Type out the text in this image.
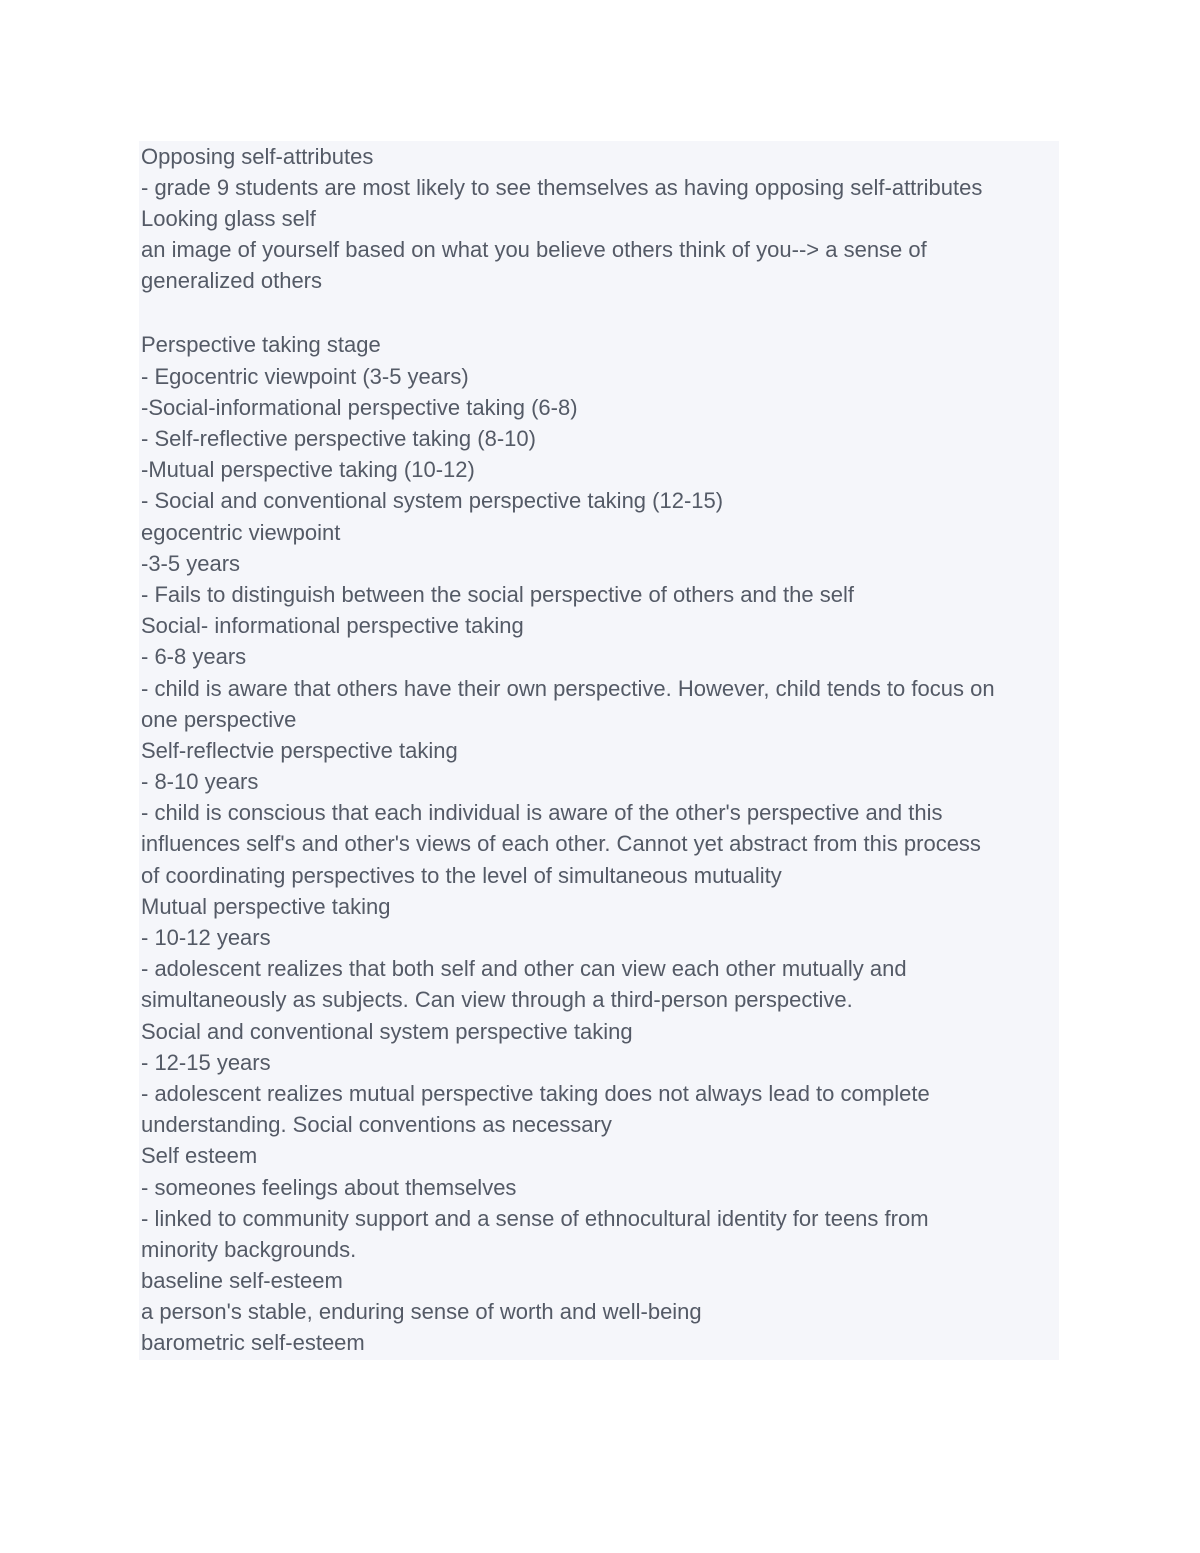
Opposing self-attributes
- grade 9 students are most likely to see themselves as having opposing self-attributes
Looking glass self
an image of yourself based on what you believe others think of you--> a sense of
generalized others
Perspective taking stage
- Egocentric viewpoint (3-5 years)
-Social-informational perspective taking (6-8)
- Self-reflective perspective taking (8-10)
-Mutual perspective taking (10-12)
- Social and conventional system perspective taking (12-15)
egocentric viewpoint
-3-5 years
- Fails to distinguish between the social perspective of others and the self
Social- informational perspective taking
- 6-8 years
- child is aware that others have their own perspective. However, child tends to focus on
one perspective
Self-reflectvie perspective taking
- 8-10 years
- child is conscious that each individual is aware of the other's perspective and this
influences self's and other's views of each other. Cannot yet abstract from this process
of coordinating perspectives to the level of simultaneous mutuality
Mutual perspective taking
- 10-12 years
- adolescent realizes that both self and other can view each other mutually and
simultaneously as subjects. Can view through a third-person perspective.
Social and conventional system perspective taking
- 12-15 years
- adolescent realizes mutual perspective taking does not always lead to complete
understanding. Social conventions as necessary
Self esteem
- someones feelings about themselves
- linked to community support and a sense of ethnocultural identity for teens from
minority backgrounds.
baseline self-esteem
a person's stable, enduring sense of worth and well-being
barometric self-esteem
